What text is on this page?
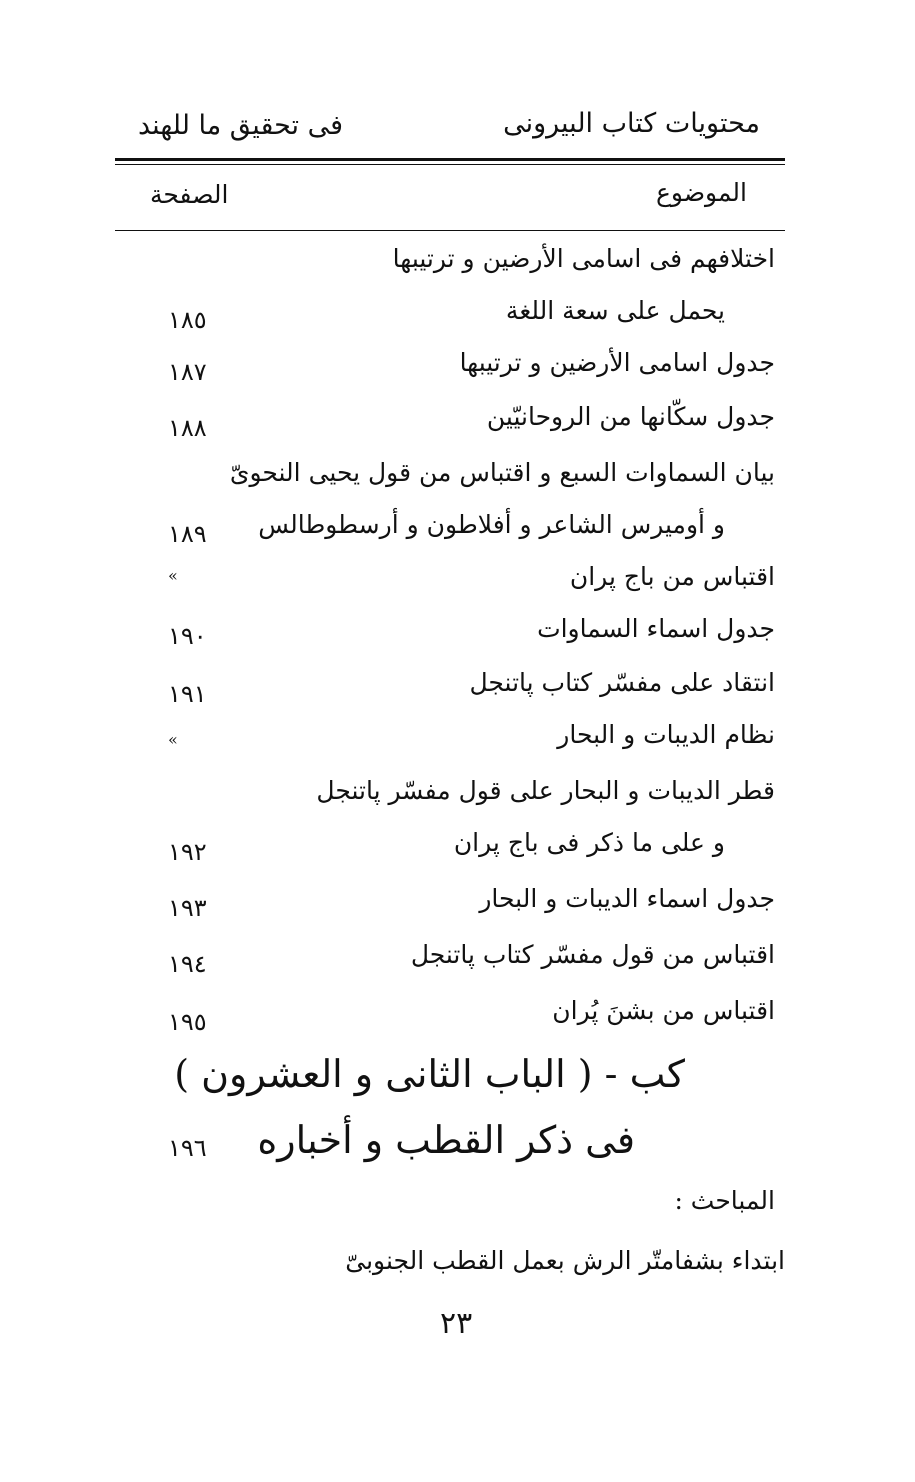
محتويات كتاب البيرونى
فى تحقيق ما للهند
الموضوع
الصفحة
اختلافهم فى اسامى الأرضين و ترتيبها
يحمل على سعة اللغة
١٨٥
جدول اسامى الأرضين و ترتيبها
١٨٧
جدول سكّانها من الروحانيّين
١٨٨
بيان السماوات السبع و اقتباس من قول يحيى النحوىّ
و أوميرس الشاعر و أفلاطون و أرسطوطالس
١٨٩
اقتباس من باج پران
»
جدول اسماء السماوات
١٩٠
انتقاد على مفسّر كتاب پاتنجل
١٩١
نظام الديبات و البحار
»
قطر الديبات و البحار على قول مفسّر پاتنجل
و على ما ذكر فى باج پران
١٩٢
جدول اسماء الديبات و البحار
١٩٣
اقتباس من قول مفسّر كتاب پاتنجل
١٩٤
اقتباس من بشنَ پُران
١٩٥
كب - ( الباب الثانى و العشرون )
فى ذكر القطب و أخباره
١٩٦
المباحث :
ابتداء بشفامتّر الرش بعمل القطب الجنوبىّ
٢٣
